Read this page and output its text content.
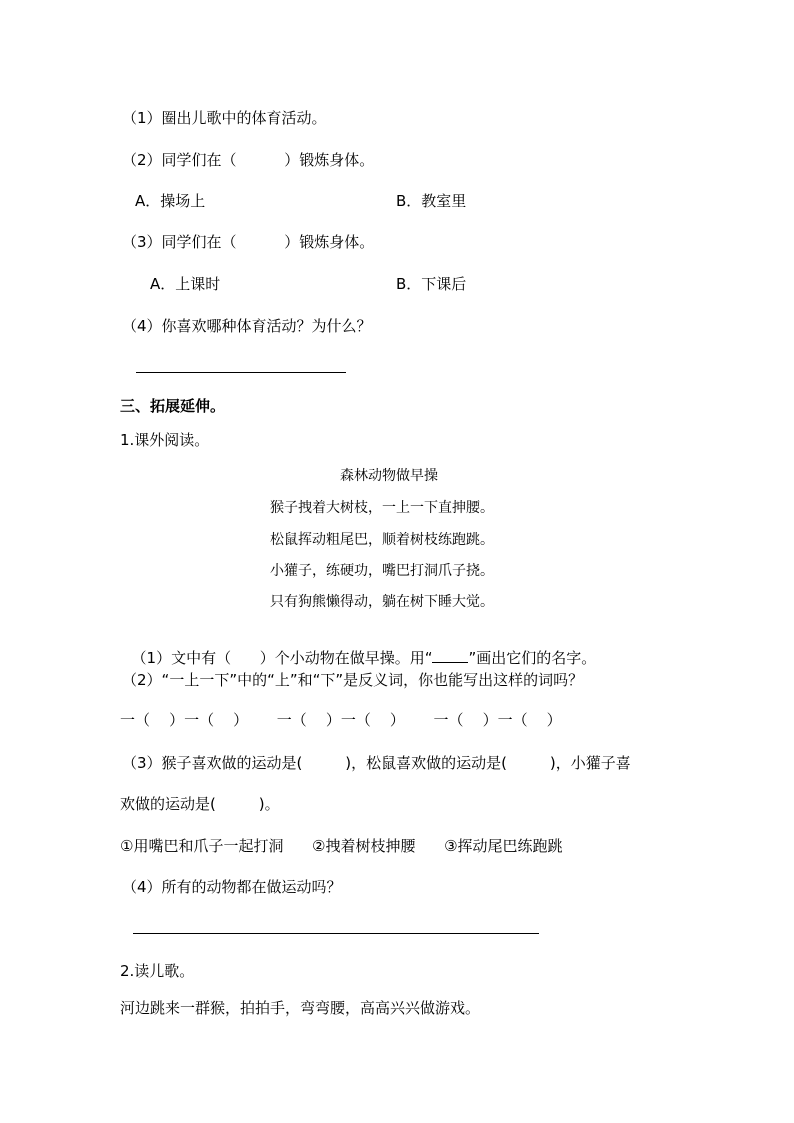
（1）圈出儿歌中的体育活动。
（2）同学们在（          ）锻炼身体。
A．操场上	B．教室里
（3）同学们在（          ）锻炼身体。
A．上课时	B．下课后
（4）你喜欢哪种体育活动？为什么？
三、拓展延伸。
1.课外阅读。
森林动物做早操
猴子拽着大树枝，一上一下直抻腰。
松鼠挥动粗尾巴，顺着树枝练跑跳。
小獾子，练硬功，嘴巴打洞爪子挠。
只有狗熊懒得动，躺在树下睡大觉。

（1）文中有（      ）个小动物在做早操。用“ ”画出它们的名字。

（2）“一上一下”中的“上”和“下”是反义词，你也能写出这样的词吗？
一（    ）一（    ）      一（    ）一（    ）      一（    ）一（    ）
（3）猴子喜欢做的运动是(         )，松鼠喜欢做的运动是(         )，小獾子喜
欢做的运动是(         )。
①用嘴巴和爪子一起打洞      ②拽着树枝抻腰      ③挥动尾巴练跑跳
（4）所有的动物都在做运动吗？
2.读儿歌。
河边跳来一群猴，拍拍手，弯弯腰，高高兴兴做游戏。
